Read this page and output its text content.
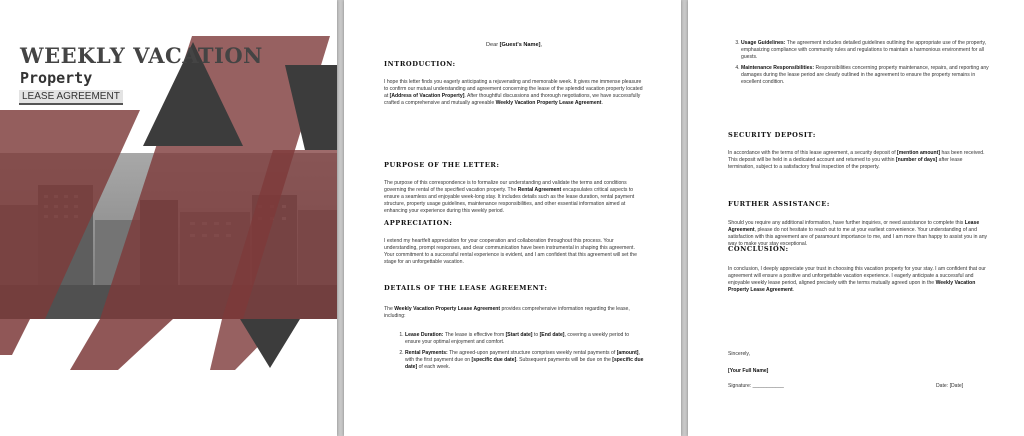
WEEKLY VACATION
Property
LEASE AGREEMENT
Dear [Guest's Name],
INTRODUCTION:
I hope this letter finds you eagerly anticipating a rejuvenating and memorable week. It gives me immense pleasure to confirm our mutual understanding and agreement concerning the lease of the splendid vacation property located at [Address of Vacation Property]. After thoughtful discussions and thorough negotiations, we have successfully crafted a comprehensive and mutually agreeable Weekly Vacation Property Lease Agreement.
PURPOSE OF THE LETTER:
The purpose of this correspondence is to formalize our understanding and validate the terms and conditions governing the rental of the specified vacation property. The Rental Agreement encapsulates critical aspects to ensure a seamless and enjoyable week-long stay. It includes details such as the lease duration, rental payment structure, property usage guidelines, maintenance responsibilities, and other essential information aimed at enhancing your experience during this weekly period.
APPRECIATION:
I extend my heartfelt appreciation for your cooperation and collaboration throughout this process. Your understanding, prompt responses, and clear communication have been instrumental in shaping this agreement. Your commitment to a successful rental experience is evident, and I am confident that this agreement will set the stage for an unforgettable vacation.
DETAILS OF THE LEASE AGREEMENT:
The Weekly Vacation Property Lease Agreement provides comprehensive information regarding the lease, including:
1. Lease Duration: The lease is effective from [Start date] to [End date], covering a weekly period to ensure your optimal enjoyment and comfort.
2. Rental Payments: The agreed-upon payment structure comprises weekly rental payments of [amount], with the first payment due on [specific due date]. Subsequent payments will be due on the [specific due date] of each week.
3. Usage Guidelines: The agreement includes detailed guidelines outlining the appropriate use of the property, emphasizing compliance with community rules and regulations to maintain a harmonious environment for all guests.
4. Maintenance Responsibilities: Responsibilities concerning property maintenance, repairs, and reporting any damages during the lease period are clearly outlined in the agreement to ensure the property remains in excellent condition.
SECURITY DEPOSIT:
In accordance with the terms of this lease agreement, a security deposit of [mention amount] has been received. This deposit will be held in a dedicated account and returned to you within [number of days] after lease termination, subject to a satisfactory final inspection of the property.
FURTHER ASSISTANCE:
Should you require any additional information, have further inquiries, or need assistance to complete this Lease Agreement, please do not hesitate to reach out to me at your earliest convenience. Your understanding of and satisfaction with this agreement are of paramount importance to me, and I am more than happy to assist you in any way to make your stay exceptional.
CONCLUSION:
In conclusion, I deeply appreciate your trust in choosing this vacation property for your stay. I am confident that our agreement will ensure a positive and unforgettable vacation experience. I eagerly anticipate a successful and enjoyable weekly lease period, aligned precisely with the terms mutually agreed upon in the Weekly Vacation Property Lease Agreement.
Sincerely,
[Your Full Name]
Signature: ___________	Date: [Date]
